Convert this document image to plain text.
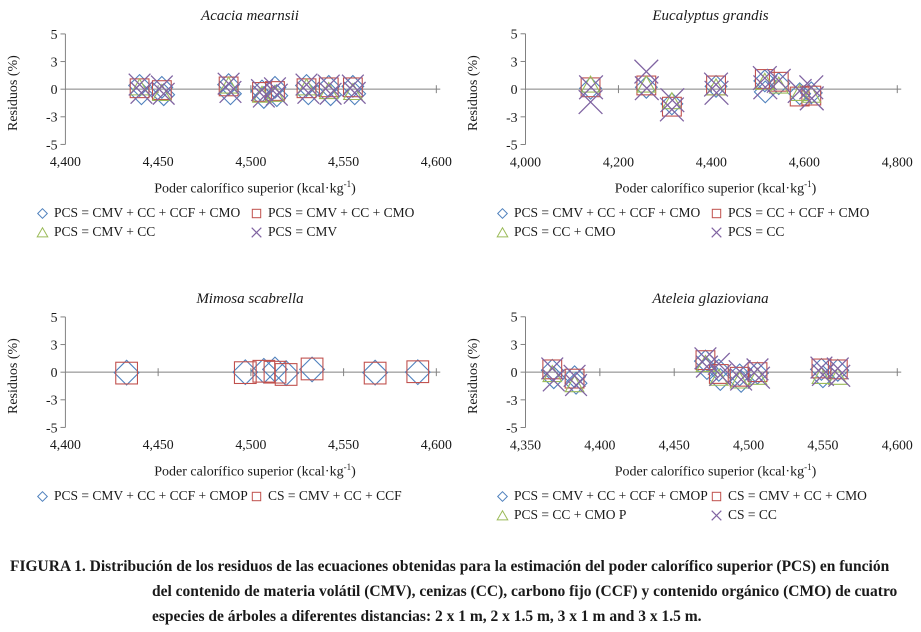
Acacia mearnsii
Residuos (%)
5
3
0
-3
-5
4,400	4,450	4,500	4,550	4,600
Poder calorífico superior $(kcal\cdot kg^{-1})$
PCS = CMV + CC + CCF + CMO PCS = CMV + CC + CMO
PCS = CMV + CC	PCS = CMV
Eucalyptus grandis
Residuos (%)
5
3
0
-3
-5
4,000	4,200	4,400	4,600	4,800
Poder calorífico superior $(kcal\cdot kg^{-1})$
PCS = CMV + CC + CCF + CMO PCS = CC + CCF + CMO
PCS = CC + CMO	PCS = CC
Mimosa scabrella
Residuos (%)
5
3
0
-3
-5
4,400	4,450	4,500	4,550	4,600
Poder calorífico superior $(kcal\cdot kg^{-1})$
PCS = CMV + CC + CCF + CMOP CS = CMV + CC + CCF
Ateleia glazioviana
Residuos (%)
5
3
0
-3
-5
4,350	4,400	4,450	4,500	4,550	4,600
Poder calorífico superior $(kcal\cdot kg^{-1})$
PCS = CMV + CC + CCF + CMOP CS = CMV + CC + CMO
PCS = CC + CMO P	CS = CC

FIGURA 1. Distribución de los residuos de las ecuaciones obtenidas para la estimación del poder calorífico superior (PCS) en función del contenido de materia volátil (CMV), cenizas (CC), carbono fijo (CCF) y contenido orgánico (CMO) de cuatro especies de árboles a diferentes distancias: 2 x 1 m, 2 x 1.5 m, 3 x 1 m and 3 x 1.5 m.
